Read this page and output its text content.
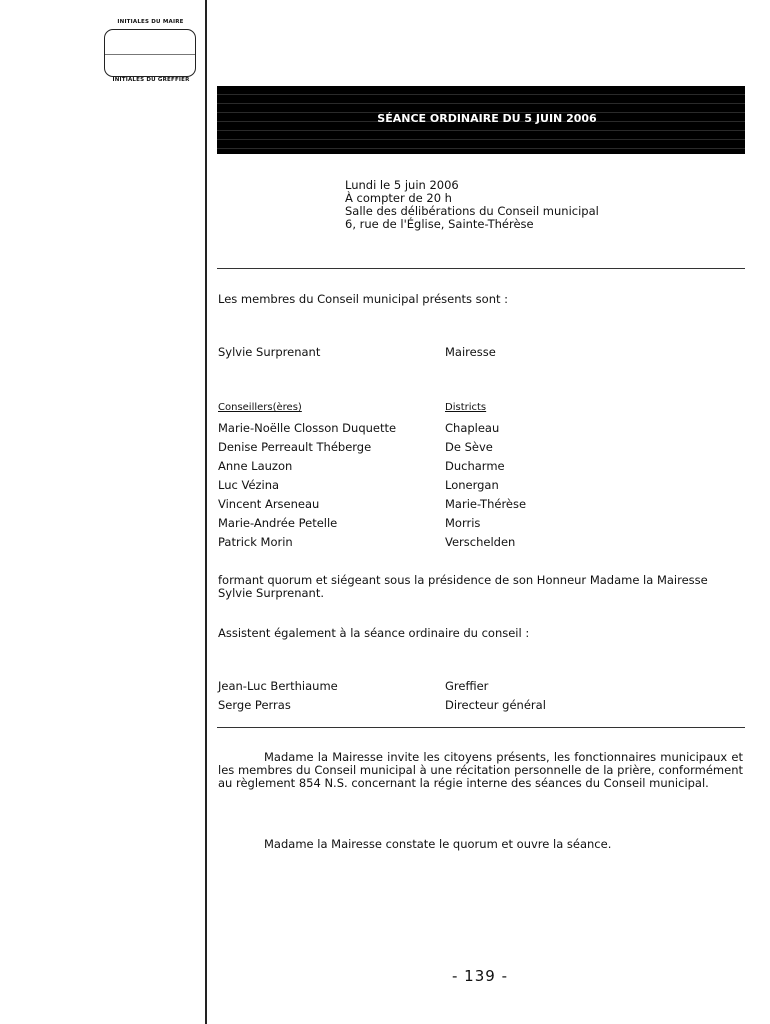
INITIALES DU MAIRE
INITIALES DU GREFFIER
SÉANCE ORDINAIRE DU 5 JUIN 2006
Lundi le 5 juin 2006
À compter de 20 h
Salle des délibérations du Conseil municipal
6, rue de l'Église, Sainte-Thérèse
Les membres du Conseil municipal présents sont :
Sylvie Surprenant	Mairesse
Conseillers(ères)	Districts
Marie-Noëlle Closson Duquette	Chapleau
Denise Perreault Théberge	De Sève
Anne Lauzon	Ducharme
Luc Vézina	Lonergan
Vincent Arseneau	Marie-Thérèse
Marie-Andrée Petelle	Morris
Patrick Morin	Verschelden
formant quorum et siégeant sous la présidence de son Honneur Madame la Mairesse Sylvie Surprenant.
Assistent également à la séance ordinaire du conseil :
Jean-Luc Berthiaume	Greffier
Serge Perras	Directeur général
Madame la Mairesse invite les citoyens présents, les fonctionnaires municipaux et les membres du Conseil municipal à une récitation personnelle de la prière, conformément au règlement 854 N.S. concernant la régie interne des séances du Conseil municipal.
Madame la Mairesse constate le quorum et ouvre la séance.
- 139 -
